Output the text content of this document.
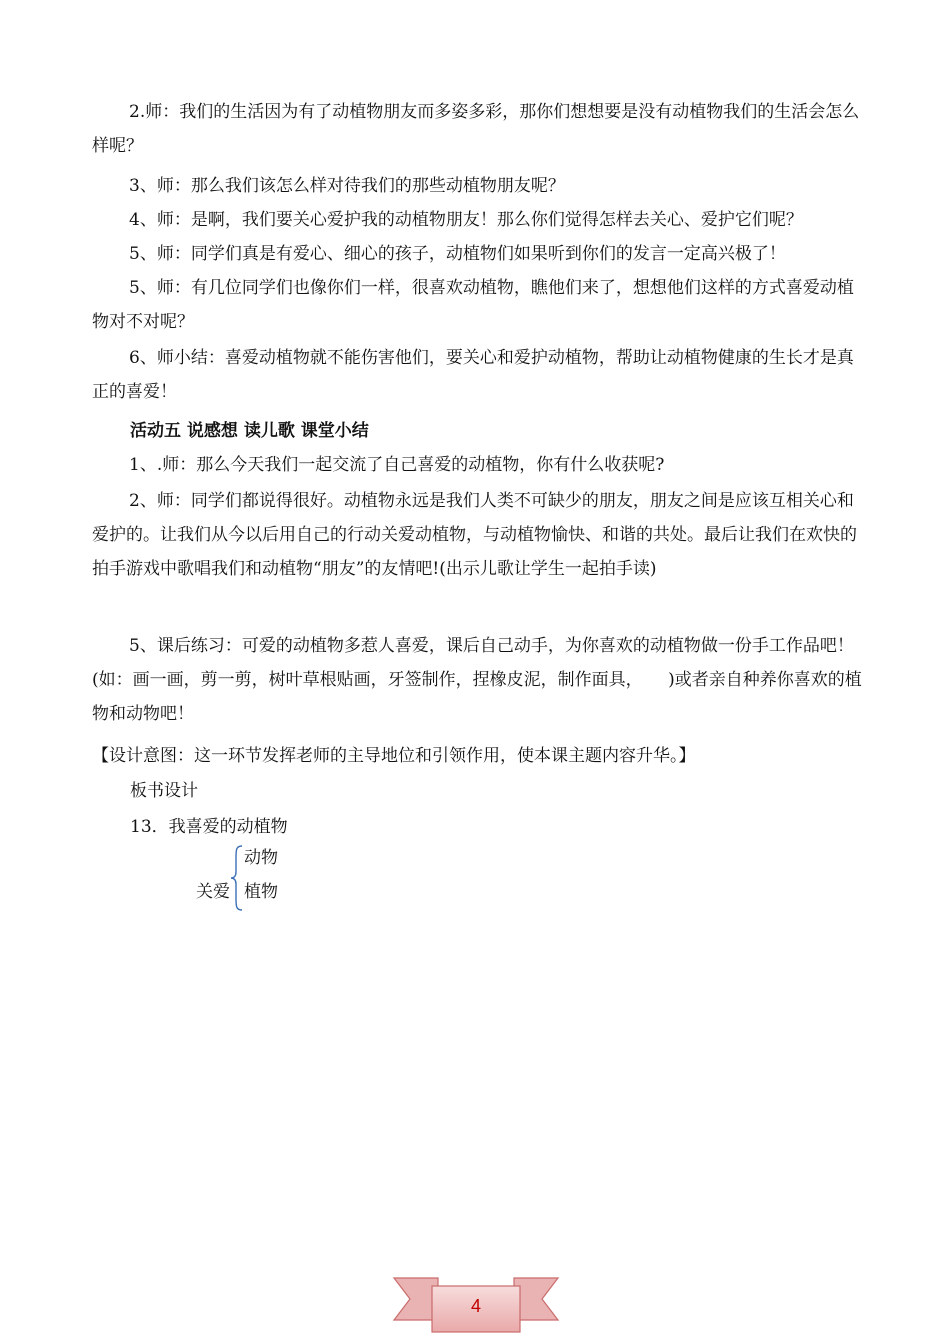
2.师：我们的生活因为有了动植物朋友而多姿多彩，那你们想想要是没有动植物我们的生活会怎么样呢？
3、师：那么我们该怎么样对待我们的那些动植物朋友呢？
4、师：是啊，我们要关心爱护我的动植物朋友！那么你们觉得怎样去关心、爱护它们呢？
5、师：同学们真是有爱心、细心的孩子，动植物们如果听到你们的发言一定高兴极了！
5、师：有几位同学们也像你们一样，很喜欢动植物，瞧他们来了，想想他们这样的方式喜爱动植物对不对呢？
6、师小结：喜爱动植物就不能伤害他们，要关心和爱护动植物，帮助让动植物健康的生长才是真正的喜爱！
活动五 说感想 读儿歌 课堂小结
1、.师：那么今天我们一起交流了自己喜爱的动植物，你有什么收获呢?
2、师：同学们都说得很好。动植物永远是我们人类不可缺少的朋友，朋友之间是应该互相关心和爱护的。让我们从今以后用自己的行动关爱动植物，与动植物愉快、和谐的共处。最后让我们在欢快的拍手游戏中歌唱我们和动植物“朋友”的友情吧!(出示儿歌让学生一起拍手读)
5、课后练习：可爱的动植物多惹人喜爱，课后自己动手，为你喜欢的动植物做一份手工作品吧！(如：画一画，剪一剪，树叶草根贴画，牙签制作，捏橡皮泥，制作面具，　　)或者亲自种养你喜欢的植物和动物吧！
【设计意图：这一环节发挥老师的主导地位和引领作用，使本课主题内容升华。】
板书设计
13．我喜爱的动植物
关爱
动物
植物
4
